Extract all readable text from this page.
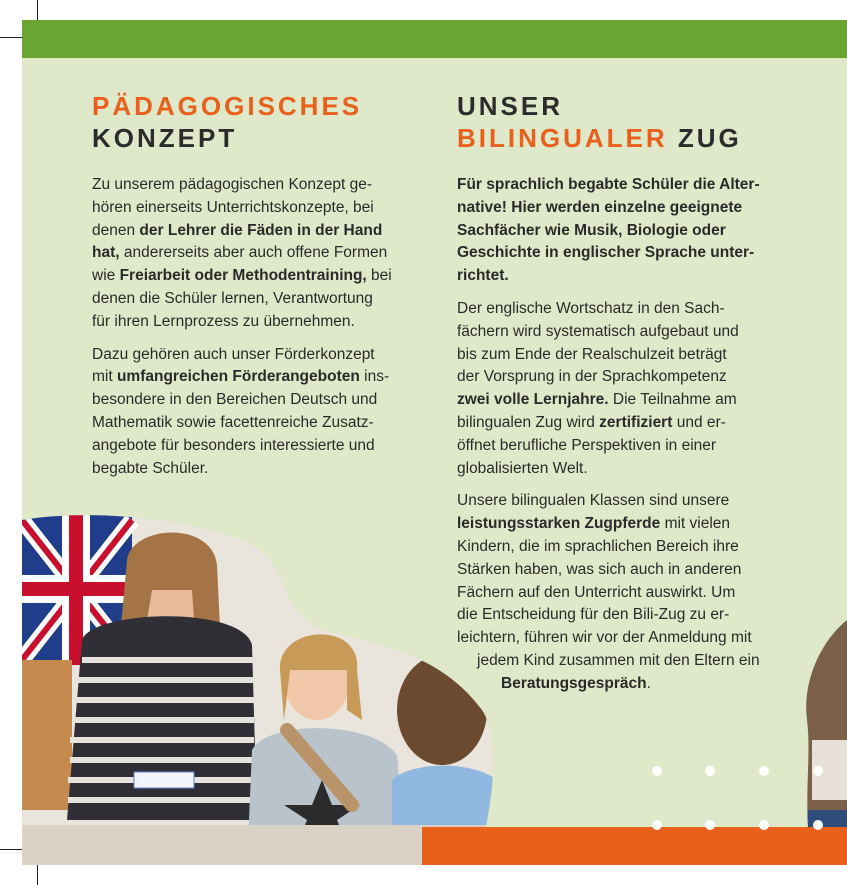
PÄDAGOGISCHES
KONZEPT
UNSER
BILINGUALER ZUG

Zu unserem pädagogischen Konzept ge-
hören einerseits Unterrichtskonzepte, bei
denen der Lehrer die Fäden in der Hand
hat, andererseits aber auch offene Formen
wie Freiarbeit oder Methodentraining, bei
denen die Schüler lernen, Verantwortung
für ihren Lernprozess zu übernehmen.

Dazu gehören auch unser Förderkonzept
mit umfangreichen Förderangeboten ins-
besondere in den Bereichen Deutsch und
Mathematik sowie facettenreiche Zusatz-
angebote für besonders interessierte und
begabte Schüler.

Für sprachlich begabte Schüler die Alter-
native! Hier werden einzelne geeignete
Sachfächer wie Musik, Biologie oder
Geschichte in englischer Sprache unter-
richtet.

Der englische Wortschatz in den Sach-
fächern wird systematisch aufgebaut und
bis zum Ende der Realschulzeit beträgt
der Vorsprung in der Sprachkompetenz
zwei volle Lernjahre. Die Teilnahme am
bilingualen Zug wird zertifiziert und er-
öffnet berufliche Perspektiven in einer
globalisierten Welt.

Unsere bilingualen Klassen sind unsere
leistungsstarken Zugpferde mit vielen
Kindern, die im sprachlichen Bereich ihre
Stärken haben, was sich auch in anderen
Fächern auf den Unterricht auswirkt. Um
die Entscheidung für den Bili-Zug zu er-
leichtern, führen wir vor der Anmeldung mit
jedem Kind zusammen mit den Eltern ein
Beratungsgespräch.
